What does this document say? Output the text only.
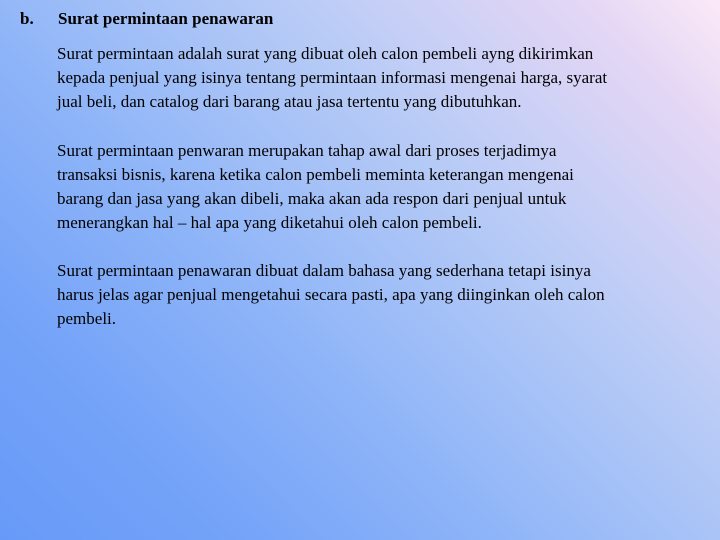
b. Surat permintaan penawaran

Surat permintaan adalah surat yang dibuat oleh calon pembeli ayng dikirimkan
kepada penjual yang isinya tentang permintaan informasi mengenai harga, syarat
jual beli, dan catalog dari barang atau jasa tertentu yang dibutuhkan.

Surat permintaan penwaran merupakan tahap awal dari proses terjadimya
transaksi bisnis, karena ketika calon pembeli meminta keterangan mengenai
barang dan jasa yang akan dibeli, maka akan ada respon dari penjual untuk
menerangkan hal – hal apa yang diketahui oleh calon pembeli.

Surat permintaan penawaran dibuat dalam bahasa yang sederhana tetapi isinya
harus jelas agar penjual mengetahui secara pasti, apa yang diinginkan oleh calon
pembeli.
